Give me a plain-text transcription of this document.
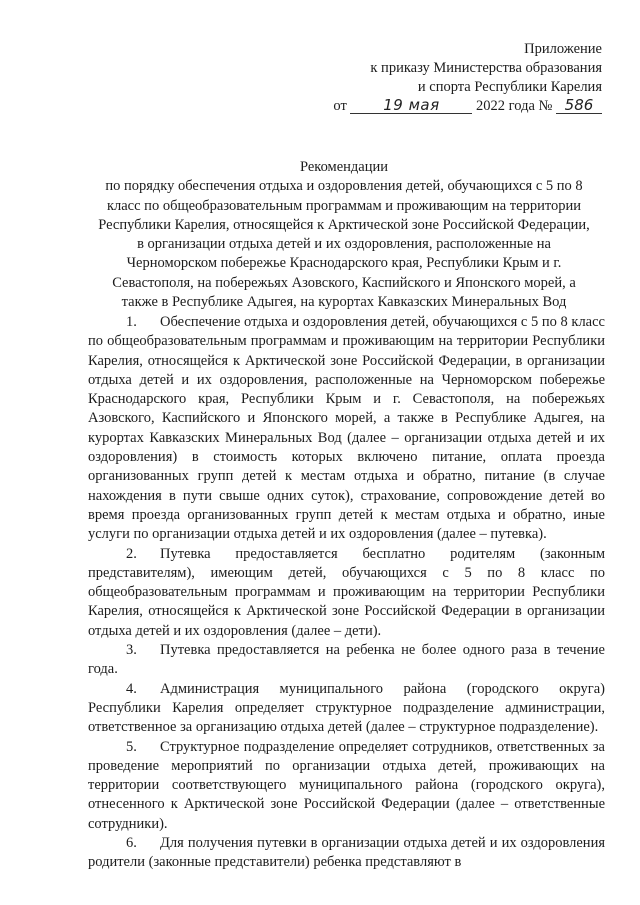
Приложение
к приказу Министерства образования
и спорта Республики Карелия
от 19 мая	2022 года № 586
Рекомендации
по порядку обеспечения отдыха и оздоровления детей, обучающихся с 5 по 8
класс по общеобразовательным программам и проживающим на территории
Республики Карелия, относящейся к Арктической зоне Российской Федерации,
в организации отдыха детей и их оздоровления, расположенные на
Черноморском побережье Краснодарского края, Республики Крым и г.
Севастополя, на побережьях Азовского, Каспийского и Японского морей, а
также в Республике Адыгея, на курортах Кавказских Минеральных Вод

1. Обеспечение отдыха и оздоровления детей, обучающихся с 5 по 8 класс по общеобразовательным программам и проживающим на территории Республики Карелия, относящейся к Арктической зоне Российской Федерации, в организации отдыха детей и их оздоровления, расположенные на Черноморском побережье Краснодарского края, Республики Крым и г. Севастополя, на побережьях Азовского, Каспийского и Японского морей, а также в Республике Адыгея, на курортах Кавказских Минеральных Вод (далее – организации отдыха детей и их оздоровления) в стоимость которых включено питание, оплата проезда организованных групп детей к местам отдыха и обратно, питание (в случае нахождения в пути свыше одних суток), страхование, сопровождение детей во время проезда организованных групп детей к местам отдыха и обратно, иные услуги по организации отдыха детей и их оздоровления (далее – путевка).

2. Путевка предоставляется бесплатно родителям (законным представителям), имеющим детей, обучающихся с 5 по 8 класс по общеобразовательным программам и проживающим на территории Республики Карелия, относящейся к Арктической зоне Российской Федерации в организации отдыха детей и их оздоровления (далее – дети).

3. Путевка предоставляется на ребенка не более одного раза в течение года.

4. Администрация муниципального района (городского округа) Республики Карелия определяет структурное подразделение администрации, ответственное за организацию отдыха детей (далее – структурное подразделение).

5. Структурное подразделение определяет сотрудников, ответственных за проведение мероприятий по организации отдыха детей, проживающих на территории соответствующего муниципального района (городского округа), отнесенного к Арктической зоне Российской Федерации (далее – ответственные сотрудники).

6. Для получения путевки в организации отдыха детей и их оздоровления родители (законные представители) ребенка представляют в
